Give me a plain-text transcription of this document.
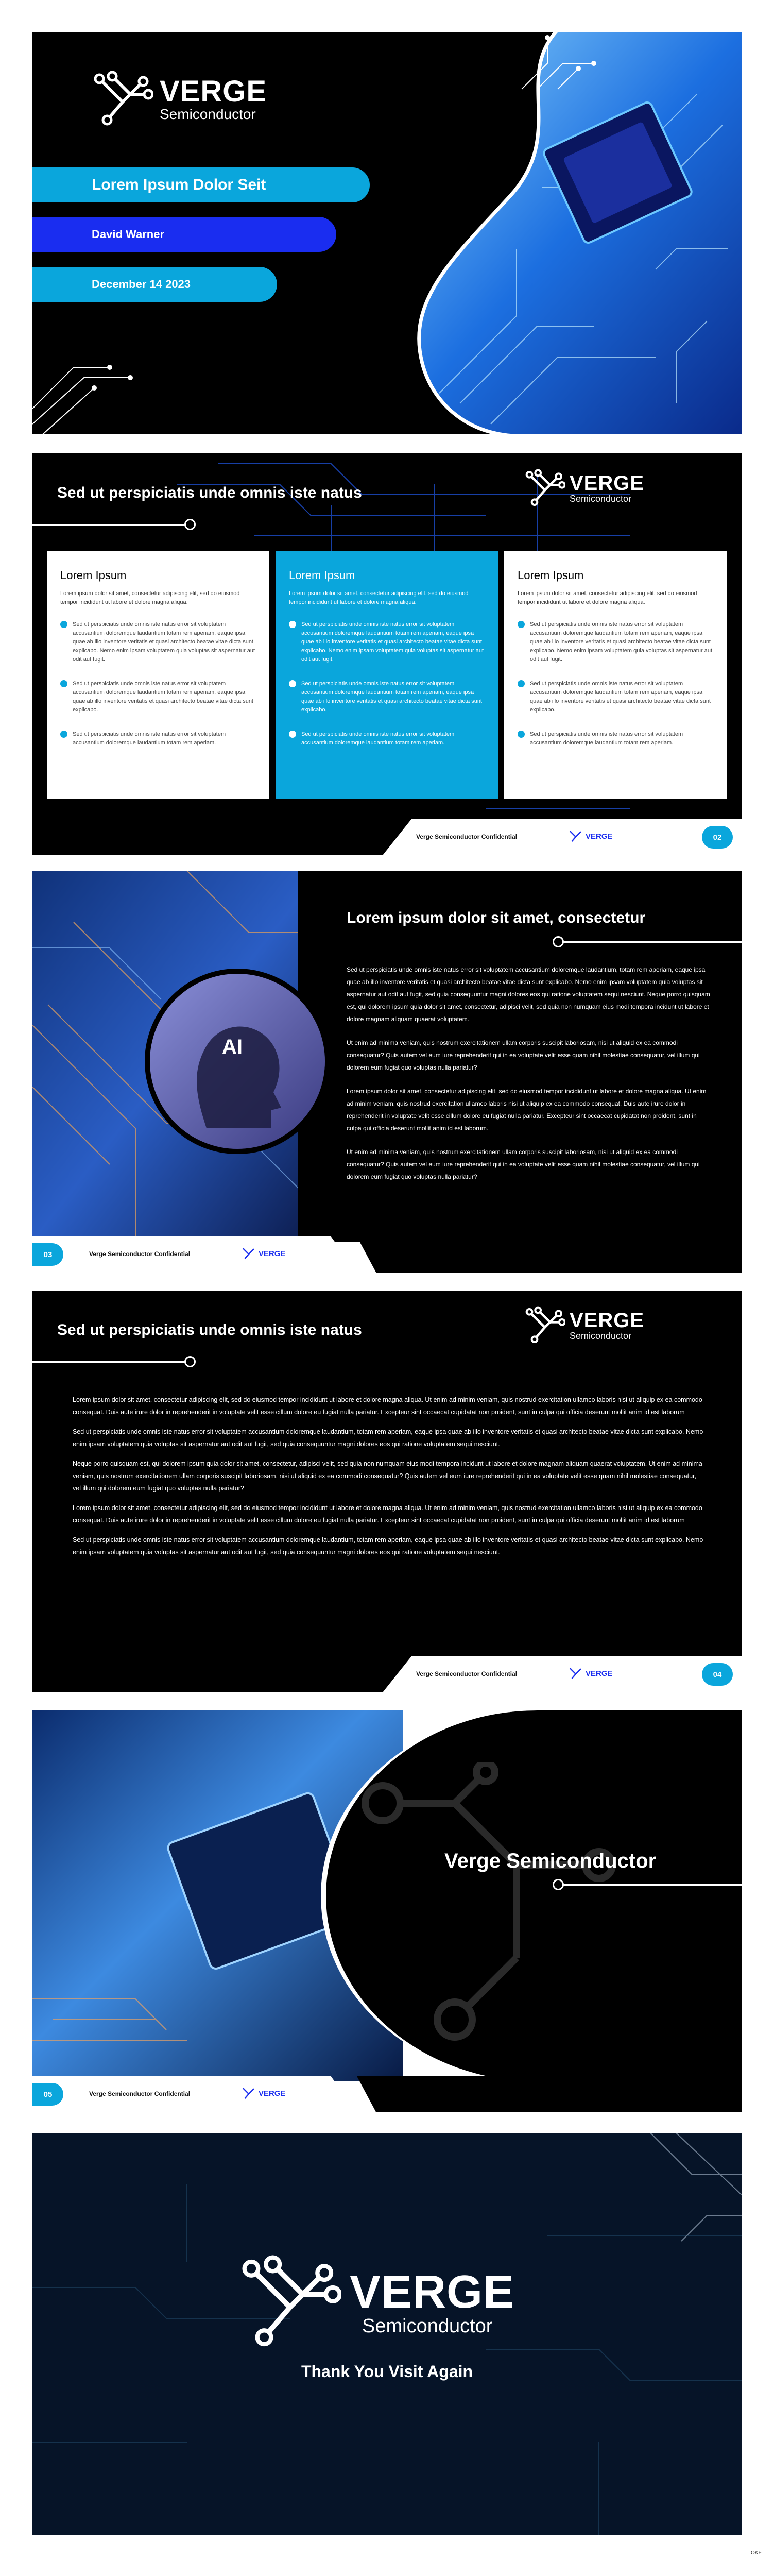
VERGE
Semiconductor
Lorem Ipsum Dolor Seit
David Warner
December 14 2023
VERGE
Semiconductor
Sed ut perspiciatis unde omnis iste natus
Lorem Ipsum

Lorem ipsum dolor sit amet, consectetur adipiscing elit, sed do eiusmod tempor incididunt ut labore et dolore magna aliqua.

Sed ut perspiciatis unde omnis iste natus error sit voluptatem accusantium doloremque laudantium totam rem aperiam, eaque ipsa quae ab illo inventore veritatis et quasi architecto beatae vitae dicta sunt explicabo. Nemo enim ipsam voluptatem quia voluptas sit aspernatur aut odit aut fugit.
Sed ut perspiciatis unde omnis iste natus error sit voluptatem accusantium doloremque laudantium totam rem aperiam, eaque ipsa quae ab illo inventore veritatis et quasi architecto beatae vitae dicta sunt explicabo.
Sed ut perspiciatis unde omnis iste natus error sit voluptatem accusantium doloremque laudantium totam rem aperiam.
Lorem Ipsum

Lorem ipsum dolor sit amet, consectetur adipiscing elit, sed do eiusmod tempor incididunt ut labore et dolore magna aliqua.

Sed ut perspiciatis unde omnis iste natus error sit voluptatem accusantium doloremque laudantium totam rem aperiam, eaque ipsa quae ab illo inventore veritatis et quasi architecto beatae vitae dicta sunt explicabo. Nemo enim ipsam voluptatem quia voluptas sit aspernatur aut odit aut fugit.
Sed ut perspiciatis unde omnis iste natus error sit voluptatem accusantium doloremque laudantium totam rem aperiam, eaque ipsa quae ab illo inventore veritatis et quasi architecto beatae vitae dicta sunt explicabo.
Sed ut perspiciatis unde omnis iste natus error sit voluptatem accusantium doloremque laudantium totam rem aperiam.
Lorem Ipsum

Lorem ipsum dolor sit amet, consectetur adipiscing elit, sed do eiusmod tempor incididunt ut labore et dolore magna aliqua.

Sed ut perspiciatis unde omnis iste natus error sit voluptatem accusantium doloremque laudantium totam rem aperiam, eaque ipsa quae ab illo inventore veritatis et quasi architecto beatae vitae dicta sunt explicabo. Nemo enim ipsam voluptatem quia voluptas sit aspernatur aut odit aut fugit.
Sed ut perspiciatis unde omnis iste natus error sit voluptatem accusantium doloremque laudantium totam rem aperiam, eaque ipsa quae ab illo inventore veritatis et quasi architecto beatae vitae dicta sunt explicabo.
Sed ut perspiciatis unde omnis iste natus error sit voluptatem accusantium doloremque laudantium totam rem aperiam.
Verge Semiconductor Confidential	VERGE	02
AI
Lorem ipsum dolor sit amet, consectetur

Sed ut perspiciatis unde omnis iste natus error sit voluptatem accusantium doloremque laudantium, totam rem aperiam, eaque ipsa quae ab illo inventore veritatis et quasi architecto beatae vitae dicta sunt explicabo. Nemo enim ipsam voluptatem quia voluptas sit aspernatur aut odit aut fugit, sed quia consequuntur magni dolores eos qui ratione voluptatem sequi nesciunt. Neque porro quisquam est, qui dolorem ipsum quia dolor sit amet, consectetur, adipisci velit, sed quia non numquam eius modi tempora incidunt ut labore et dolore magnam aliquam quaerat voluptatem.

Ut enim ad minima veniam, quis nostrum exercitationem ullam corporis suscipit laboriosam, nisi ut aliquid ex ea commodi consequatur? Quis autem vel eum iure reprehenderit qui in ea voluptate velit esse quam nihil molestiae consequatur, vel illum qui dolorem eum fugiat quo voluptas nulla pariatur?

Lorem ipsum dolor sit amet, consectetur adipiscing elit, sed do eiusmod tempor incididunt ut labore et dolore magna aliqua. Ut enim ad minim veniam, quis nostrud exercitation ullamco laboris nisi ut aliquip ex ea commodo consequat. Duis aute irure dolor in reprehenderit in voluptate velit esse cillum dolore eu fugiat nulla pariatur. Excepteur sint occaecat cupidatat non proident, sunt in culpa qui officia deserunt mollit anim id est laborum.

Ut enim ad minima veniam, quis nostrum exercitationem ullam corporis suscipit laboriosam, nisi ut aliquid ex ea commodi consequatur? Quis autem vel eum iure reprehenderit qui in ea voluptate velit esse quam nihil molestiae consequatur, vel illum qui dolorem eum fugiat quo voluptas nulla pariatur?

03	Verge Semiconductor Confidential	VERGE
VERGE
Semiconductor
Sed ut perspiciatis unde omnis iste natus

Lorem ipsum dolor sit amet, consectetur adipiscing elit, sed do eiusmod tempor incididunt ut labore et dolore magna aliqua. Ut enim ad minim veniam, quis nostrud exercitation ullamco laboris nisi ut aliquip ex ea commodo consequat. Duis aute irure dolor in reprehenderit in voluptate velit esse cillum dolore eu fugiat nulla pariatur. Excepteur sint occaecat cupidatat non proident, sunt in culpa qui officia deserunt mollit anim id est laborum

Sed ut perspiciatis unde omnis iste natus error sit voluptatem accusantium doloremque laudantium, totam rem aperiam, eaque ipsa quae ab illo inventore veritatis et quasi architecto beatae vitae dicta sunt explicabo. Nemo enim ipsam voluptatem quia voluptas sit aspernatur aut odit aut fugit, sed quia consequuntur magni dolores eos qui ratione voluptatem sequi nesciunt.

Neque porro quisquam est, qui dolorem ipsum quia dolor sit amet, consectetur, adipisci velit, sed quia non numquam eius modi tempora incidunt ut labore et dolore magnam aliquam quaerat voluptatem. Ut enim ad minima veniam, quis nostrum exercitationem ullam corporis suscipit laboriosam, nisi ut aliquid ex ea commodi consequatur? Quis autem vel eum iure reprehenderit qui in ea voluptate velit esse quam nihil molestiae consequatur, vel illum qui dolorem eum fugiat quo voluptas nulla pariatur?

Lorem ipsum dolor sit amet, consectetur adipiscing elit, sed do eiusmod tempor incididunt ut labore et dolore magna aliqua. Ut enim ad minim veniam, quis nostrud exercitation ullamco laboris nisi ut aliquip ex ea commodo consequat. Duis aute irure dolor in reprehenderit in voluptate velit esse cillum dolore eu fugiat nulla pariatur. Excepteur sint occaecat cupidatat non proident, sunt in culpa qui officia deserunt mollit anim id est laborum

Sed ut perspiciatis unde omnis iste natus error sit voluptatem accusantium doloremque laudantium, totam rem aperiam, eaque ipsa quae ab illo inventore veritatis et quasi architecto beatae vitae dicta sunt explicabo. Nemo enim ipsam voluptatem quia voluptas sit aspernatur aut odit aut fugit, sed quia consequuntur magni dolores eos qui ratione voluptatem sequi nesciunt.

Verge Semiconductor Confidential	VERGE	04
Verge Semiconductor
05	Verge Semiconductor Confidential	VERGE
VERGE
Semiconductor
Thank You Visit Again
OKF
